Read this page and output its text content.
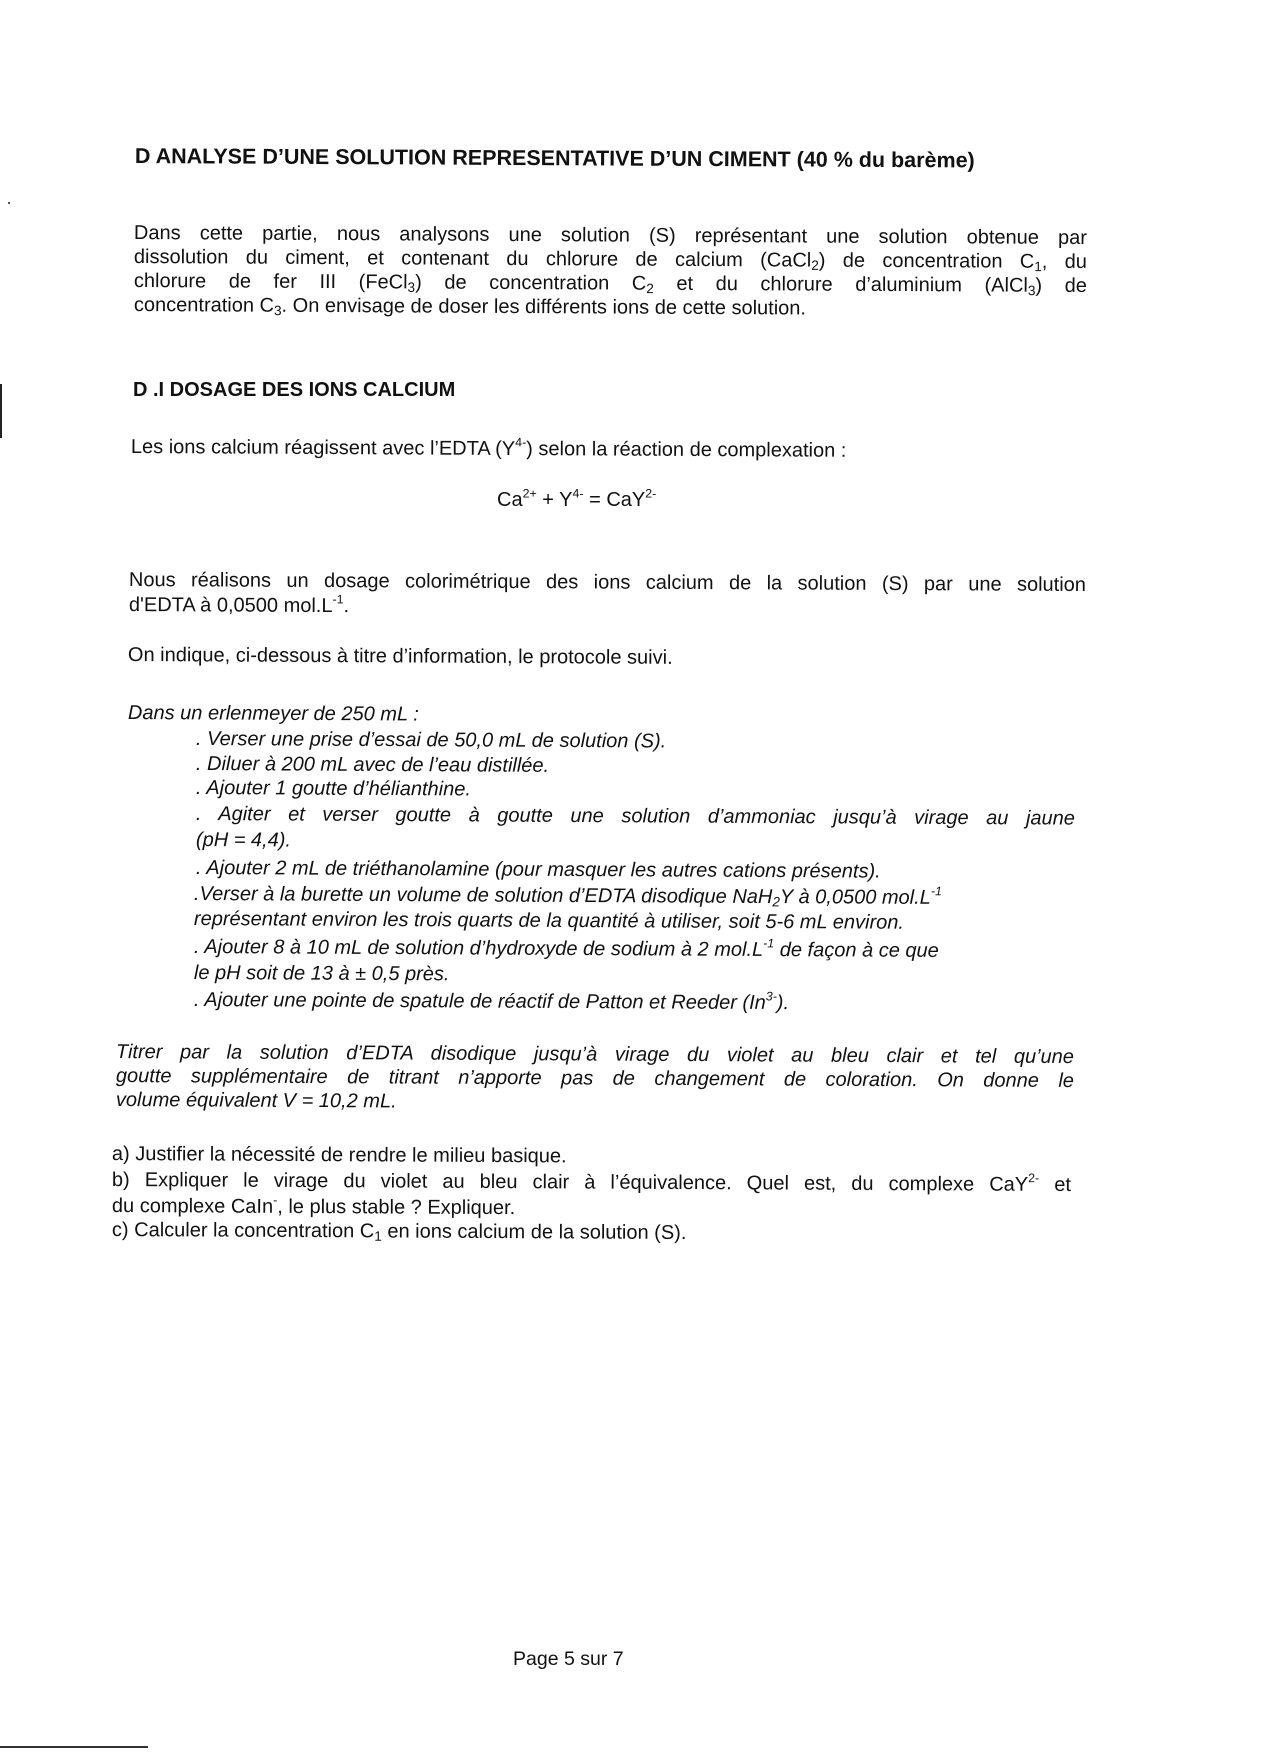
D ANALYSE D’UNE SOLUTION REPRESENTATIVE D’UN CIMENT (40 % du barème)
Dans cette partie, nous analysons une solution (S) représentant une solution obtenue par
dissolution du ciment, et contenant du chlorure de calcium (CaCl$_2$) de concentration $C_1$, du
chlorure de fer III (FeCl$_3$) de concentration $C_2$ et du chlorure d’aluminium (AlCl$_3$) de
concentration $C_3$. On envisage de doser les différents ions de cette solution.
D .I DOSAGE DES IONS CALCIUM
Les ions calcium réagissent avec l’EDTA $(Y^{4-})$ selon la réaction de complexation :
$Ca^{2+} + Y^{4-} = CaY^{2-}$
Nous réalisons un dosage colorimétrique des ions calcium de la solution (S) par une solution
d'EDTA à 0,0500 $mol.L^{-1}$.
On indique, ci-dessous à titre d’information, le protocole suivi.
Dans un erlenmeyer de 250 mL :
. Verser une prise d’essai de 50,0 mL de solution (S).
. Diluer à 200 mL avec de l’eau distillée.
. Ajouter 1 goutte d’hélianthine.
. Agiter et verser goutte à goutte une solution d’ammoniac jusqu’à virage au jaune
(pH = 4,4).
. Ajouter 2 mL de triéthanolamine (pour masquer les autres cations présents).
.Verser à la burette un volume de solution d’EDTA disodique NaH$_2$Y à 0,0500 $mol.L^{-1}$
représentant environ les trois quarts de la quantité à utiliser, soit 5-6 mL environ.
. Ajouter 8 à 10 mL de solution d’hydroxyde de sodium à 2 $mol.L^{-1}$ de façon à ce que
le pH soit de 13 à ± 0,5 près.
. Ajouter une pointe de spatule de réactif de Patton et Reeder $(In^{3-})$.
Titrer par la solution d’EDTA disodique jusqu’à virage du violet au bleu clair et tel qu’une
goutte supplémentaire de titrant n’apporte pas de changement de coloration. On donne le
volume équivalent V = 10,2 mL.
a) Justifier la nécessité de rendre le milieu basique.
b) Expliquer le virage du violet au bleu clair à l’équivalence. Quel est, du complexe CaY$^{2-}$ et
du complexe CaIn-, le plus stable ? Expliquer.
c) Calculer la concentration $C_1$ en ions calcium de la solution (S).
Page 5 sur 7
